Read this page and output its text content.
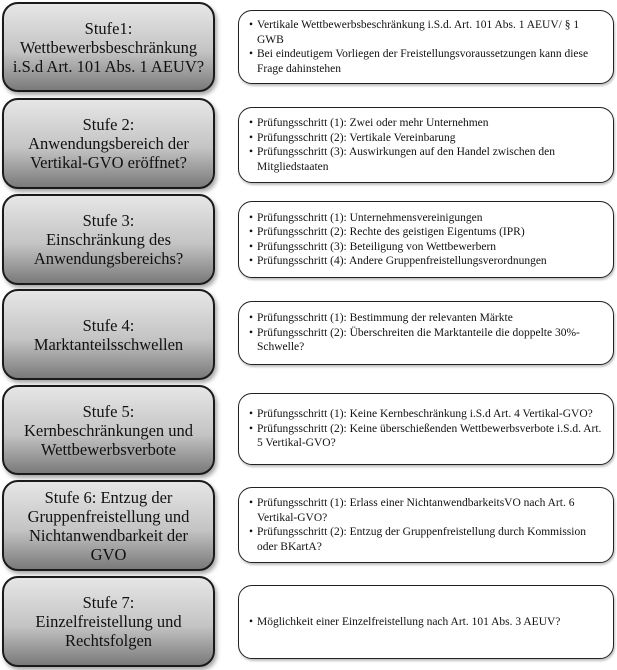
Stufe1:
Wettbewerbsbeschränkung
i.S.d Art. 101 Abs. 1 AEUV?
• Vertikale Wettbewerbsbeschränkung i.S.d. Art. 101 Abs. 1 AEUV/ § 1 GWB
• Bei eindeutigem Vorliegen der Freistellungsvoraussetzungen kann diese Frage dahinstehen
Stufe 2:
Anwendungsbereich der
Vertikal-GVO eröffnet?
• Prüfungsschritt (1): Zwei oder mehr Unternehmen
• Prüfungsschritt (2): Vertikale Vereinbarung
• Prüfungsschritt (3): Auswirkungen auf den Handel zwischen den Mitgliedstaaten
Stufe 3:
Einschränkung des
Anwendungsbereichs?
• Prüfungsschritt (1): Unternehmensvereinigungen
• Prüfungsschritt (2): Rechte des geistigen Eigentums (IPR)
• Prüfungsschritt (3): Beteiligung von Wettbewerbern
• Prüfungsschritt (4): Andere Gruppenfreistellungsverordnungen
Stufe 4:
Marktanteilsschwellen
• Prüfungsschritt (1): Bestimmung der relevanten Märkte
• Prüfungsschritt (2): Überschreiten die Marktanteile die doppelte 30%-Schwelle?
Stufe 5:
Kernbeschränkungen und
Wettbewerbsverbote
• Prüfungsschritt (1): Keine Kernbeschränkung i.S.d Art. 4 Vertikal-GVO?
• Prüfungsschritt (2): Keine überschießenden Wettbewerbsverbote i.S.d. Art. 5 Vertikal-GVO?
Stufe 6: Entzug der
Gruppenfreistellung und
Nichtanwendbarkeit der
GVO
• Prüfungsschritt (1): Erlass einer NichtanwendbarkeitsVO nach Art. 6 Vertikal-GVO?
• Prüfungsschritt (2): Entzug der Gruppenfreistellung durch Kommission oder BKartA?
Stufe 7:
Einzelfreistellung und
Rechtsfolgen
• Möglichkeit einer Einzelfreistellung nach Art. 101 Abs. 3 AEUV?
